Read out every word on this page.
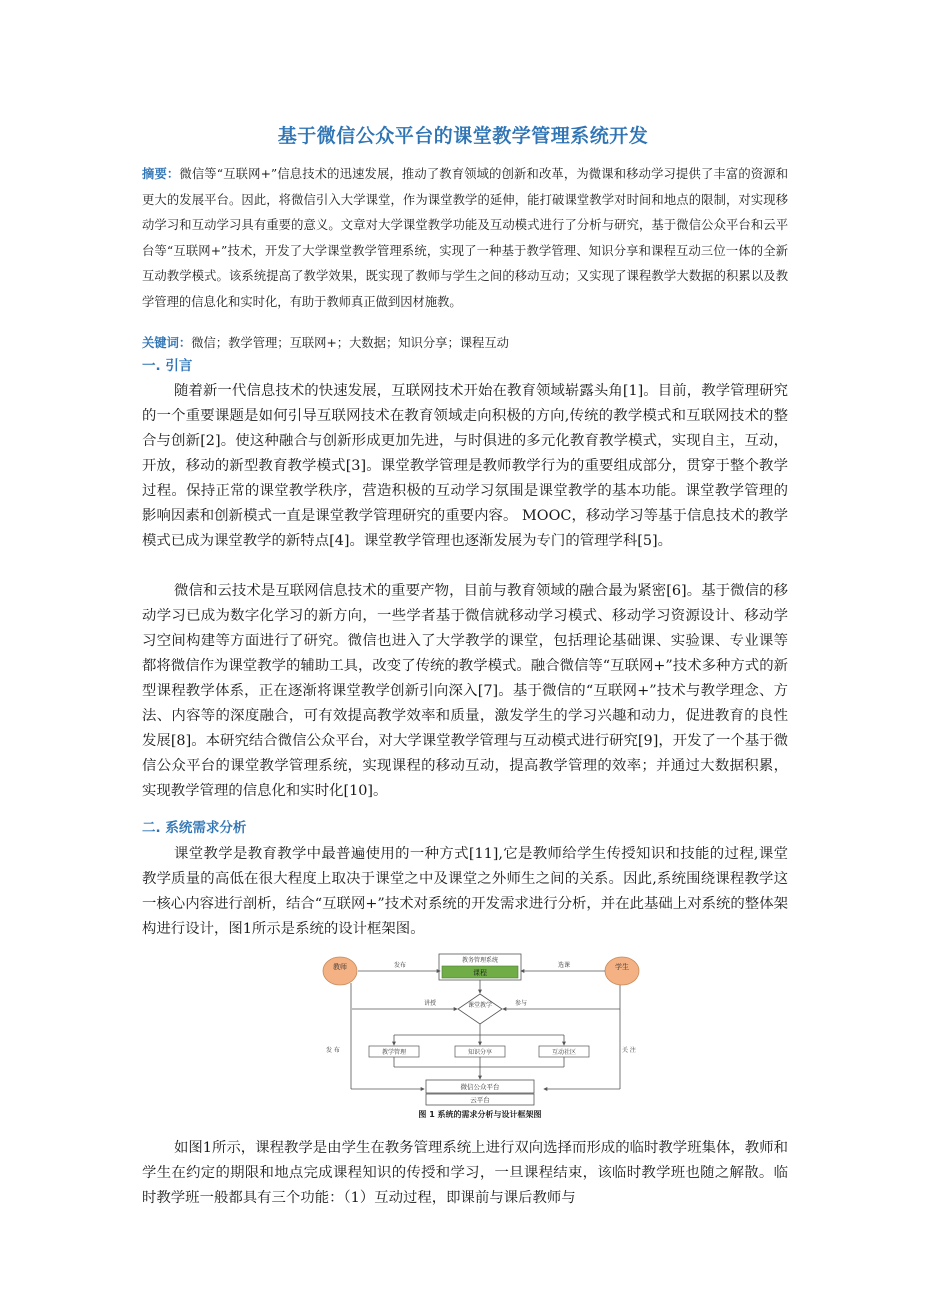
基于微信公众平台的课堂教学管理系统开发
摘要：微信等“互联网+”信息技术的迅速发展，推动了教育领域的创新和改革，为微课和移动学习提供了丰富的资源和更大的发展平台。因此，将微信引入大学课堂，作为课堂教学的延伸，能打破课堂教学对时间和地点的限制，对实现移动学习和互动学习具有重要的意义。文章对大学课堂教学功能及互动模式进行了分析与研究，基于微信公众平台和云平台等“互联网+”技术，开发了大学课堂教学管理系统，实现了一种基于教学管理、知识分享和课程互动三位一体的全新互动教学模式。该系统提高了教学效果，既实现了教师与学生之间的移动互动；又实现了课程教学大数据的积累以及教学管理的信息化和实时化，有助于教师真正做到因材施教。
关键词：微信；教学管理；互联网+；大数据；知识分享；课程互动
一. 引言

随着新一代信息技术的快速发展，互联网技术开始在教育领域崭露头角[1]。目前，教学管理研究的一个重要课题是如何引导互联网技术在教育领域走向积极的方向,传统的教学模式和互联网技术的整合与创新[2]。使这种融合与创新形成更加先进，与时俱进的多元化教育教学模式，实现自主，互动，开放，移动的新型教育教学模式[3]。课堂教学管理是教师教学行为的重要组成部分，贯穿于整个教学过程。保持正常的课堂教学秩序，营造积极的互动学习氛围是课堂教学的基本功能。课堂教学管理的影响因素和创新模式一直是课堂教学管理研究的重要内容。 MOOC，移动学习等基于信息技术的教学模式已成为课堂教学的新特点[4]。课堂教学管理也逐渐发展为专门的管理学科[5]。

微信和云技术是互联网信息技术的重要产物，目前与教育领域的融合最为紧密[6]。基于微信的移动学习已成为数字化学习的新方向，一些学者基于微信就移动学习模式、移动学习资源设计、移动学习空间构建等方面进行了研究。微信也进入了大学教学的课堂，包括理论基础课、实验课、专业课等都将微信作为课堂教学的辅助工具，改变了传统的教学模式。融合微信等“互联网+”技术多种方式的新型课程教学体系，正在逐渐将课堂教学创新引向深入[7]。基于微信的“互联网+”技术与教学理念、方法、内容等的深度融合，可有效提高教学效率和质量，激发学生的学习兴趣和动力，促进教育的良性发展[8]。本研究结合微信公众平台，对大学课堂教学管理与互动模式进行研究[9]，开发了一个基于微信公众平台的课堂教学管理系统，实现课程的移动互动，提高教学管理的效率；并通过大数据积累，实现教学管理的信息化和实时化[10]。

二. 系统需求分析

课堂教学是教育教学中最普遍使用的一种方式[11],它是教师给学生传授知识和技能的过程,课堂教学质量的高低在很大程度上取决于课堂之中及课堂之外师生之间的关系。因此,系统围绕课程教学这一核心内容进行剖析，结合“互联网+”技术对系统的开发需求进行分析，并在此基础上对系统的整体架构进行设计，图1所示是系统的设计框架图。

教师	学生
教务管理系统
课程
发布	选课
课堂教学
讲授	参与
发 布	关 注
教学管理	知识分享	互动社区
微信公众平台
云平台
图 1 系统的需求分析与设计框架图

如图1所示，课程教学是由学生在教务管理系统上进行双向选择而形成的临时教学班集体，教师和学生在约定的期限和地点完成课程知识的传授和学习，一旦课程结束，该临时教学班也随之解散。临时教学班一般都具有三个功能：（1）互动过程，即课前与课后教师与
